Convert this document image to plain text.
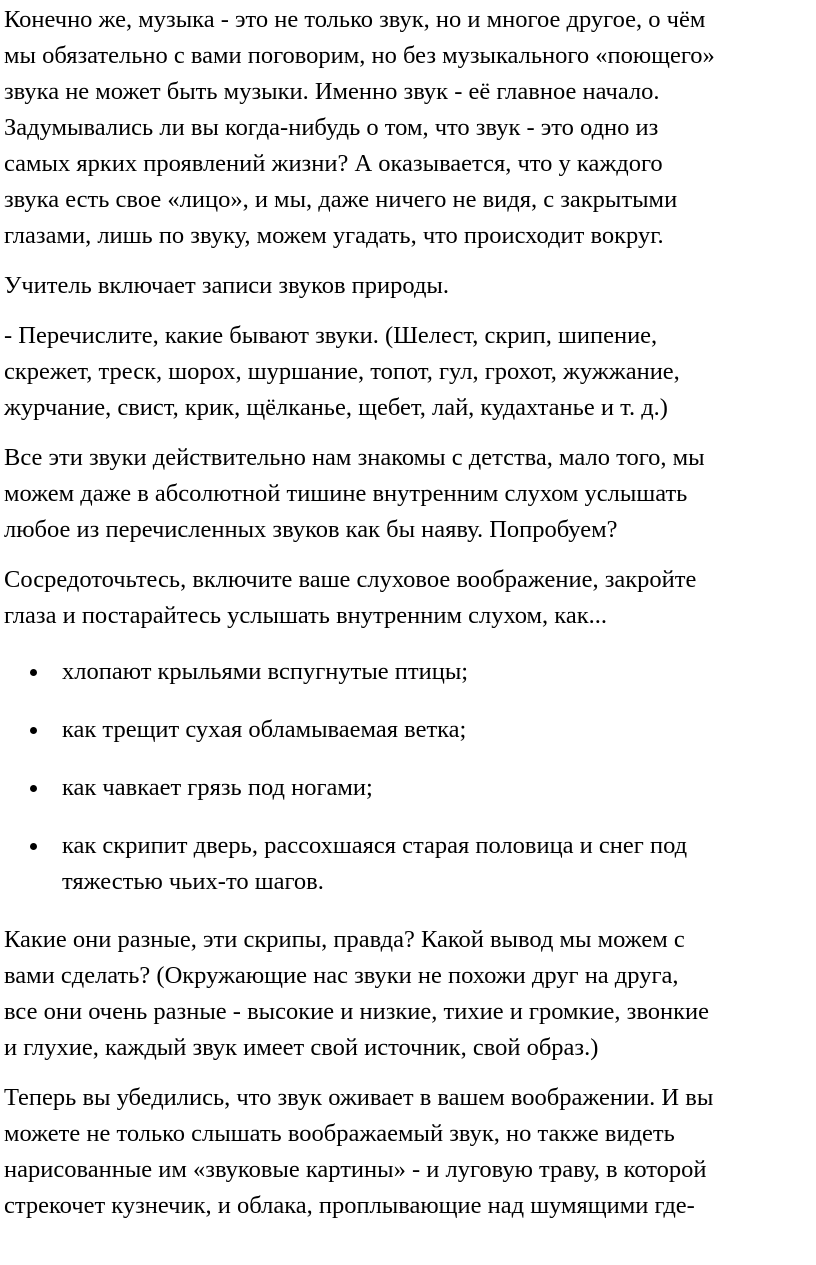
Конечно же, музыка - это не только звук, но и многое другое, о чём
мы обязательно с вами поговорим, но без музыкального «поющего»
звука не может быть музыки. Именно звук - её главное начало.
Задумывались ли вы когда-нибудь о том, что звук - это одно из
самых ярких проявлений жизни? А оказывается, что у каждого
звука есть свое «лицо», и мы, даже ничего не видя, с закрытыми
глазами, лишь по звуку, можем угадать, что происходит вокруг.

Учитель включает записи звуков природы.

- Перечислите, какие бывают звуки. (Шелест, скрип, шипение,
скрежет, треск, шорох, шуршание, топот, гул, грохот, жужжание,
журчание, свист, крик, щёлканье, щебет, лай, кудахтанье и т. д.)

Все эти звуки действительно нам знакомы с детства, мало того, мы
можем даже в абсолютной тишине внутренним слухом услышать
любое из перечисленных звуков как бы наяву. Попробуем?

Сосредоточьтесь, включите ваше слуховое воображение, закройте
глаза и постарайтесь услышать внутренним слухом, как...

хлопают крыльями вспугнутые птицы;
как трещит сухая обламываемая ветка;
как чавкает грязь под ногами;
как скрипит дверь, рассохшаяся старая половица и снег под
тяжестью чьих-то шагов.

Какие они разные, эти скрипы, правда? Какой вывод мы можем с
вами сделать? (Окружающие нас звуки не похожи друг на друга,
все они очень разные - высокие и низкие, тихие и громкие, звонкие
и глухие, каждый звук имеет свой источник, свой образ.)

Теперь вы убедились, что звук оживает в вашем воображении. И вы
можете не только слышать воображаемый звук, но также видеть
нарисованные им «звуковые картины» - и луговую траву, в которой
стрекочет кузнечик, и облака, проплывающие над шумящими где-
